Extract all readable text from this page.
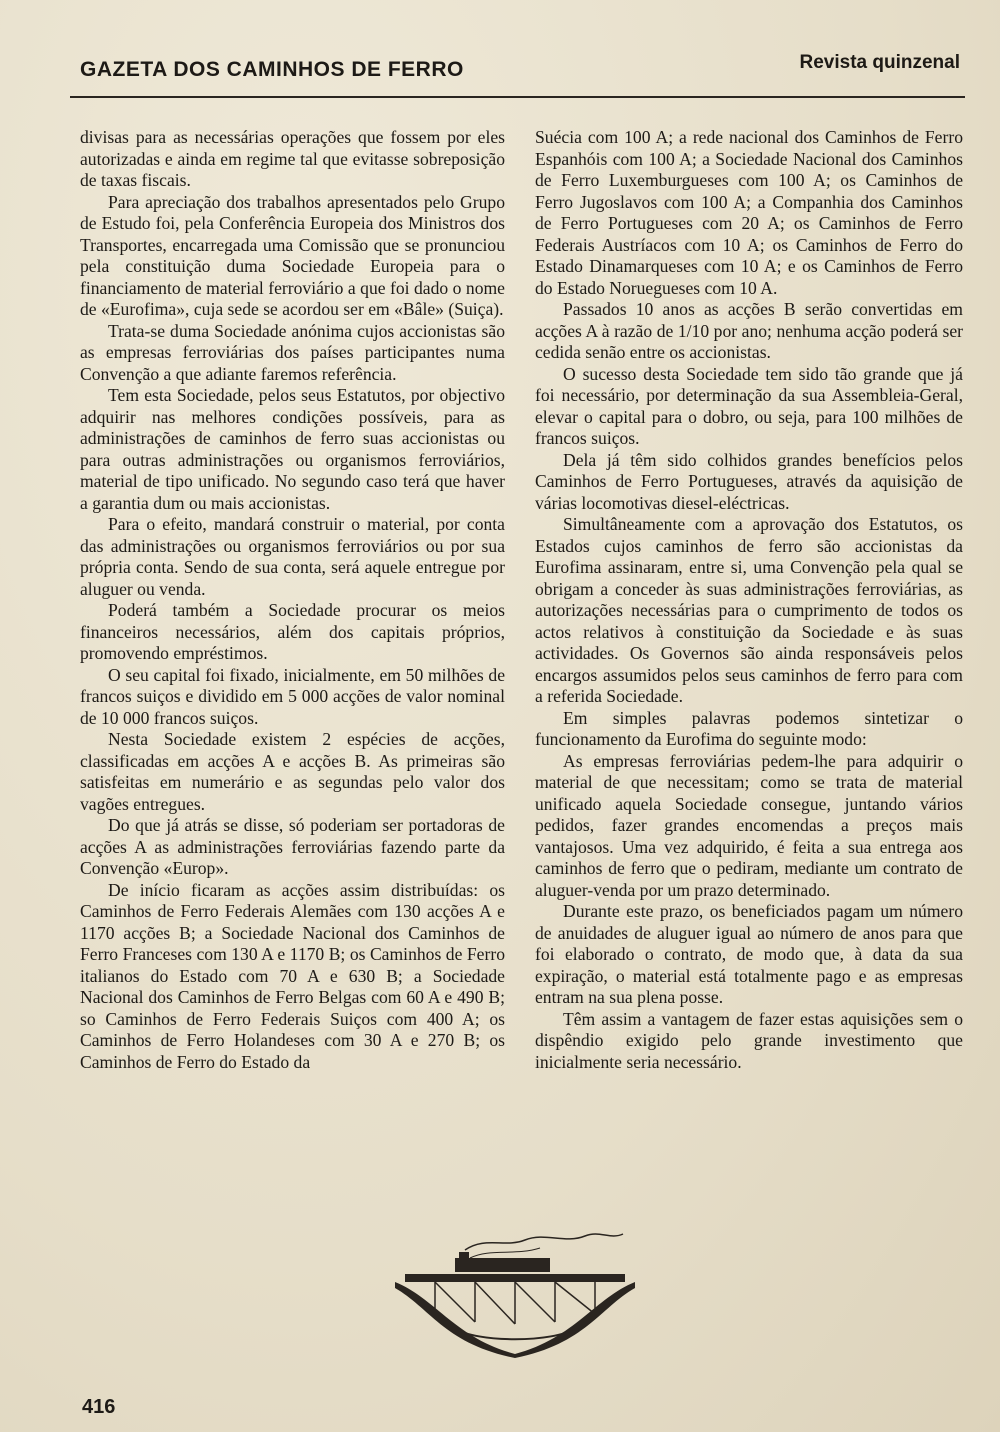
GAZETA DOS CAMINHOS DE FERRO	Revista quinzenal

divisas para as necessárias operações que fossem por eles autorizadas e ainda em regime tal que evitasse sobreposição de taxas fiscais.

Para apreciação dos trabalhos apresentados pelo Grupo de Estudo foi, pela Conferência Europeia dos Ministros dos Transportes, encarregada uma Comissão que se pronunciou pela constituição duma Sociedade Europeia para o financiamento de material ferroviário a que foi dado o nome de «Eurofima», cuja sede se acordou ser em «Bâle» (Suiça).

Trata-se duma Sociedade anónima cujos accionistas são as empresas ferroviárias dos países participantes numa Convenção a que adiante faremos referência.

Tem esta Sociedade, pelos seus Estatutos, por objectivo adquirir nas melhores condições possíveis, para as administrações de caminhos de ferro suas accionistas ou para outras administrações ou organismos ferroviários, material de tipo unificado. No segundo caso terá que haver a garantia dum ou mais accionistas.

Para o efeito, mandará construir o material, por conta das administrações ou organismos ferroviários ou por sua própria conta. Sendo de sua conta, será aquele entregue por aluguer ou venda.

Poderá também a Sociedade procurar os meios financeiros necessários, além dos capitais próprios, promovendo empréstimos.

O seu capital foi fixado, inicialmente, em 50 milhões de francos suiços e dividido em 5 000 acções de valor nominal de 10 000 francos suiços.

Nesta Sociedade existem 2 espécies de acções, classificadas em acções A e acções B. As primeiras são satisfeitas em numerário e as segundas pelo valor dos vagões entregues.

Do que já atrás se disse, só poderiam ser portadoras de acções A as administrações ferroviárias fazendo parte da Convenção «Europ».

De início ficaram as acções assim distribuídas: os Caminhos de Ferro Federais Alemães com 130 acções A e 1170 acções B; a Sociedade Nacional dos Caminhos de Ferro Franceses com 130 A e 1170 B; os Caminhos de Ferro italianos do Estado com 70 A e 630 B; a Sociedade Nacional dos Caminhos de Ferro Belgas com 60 A e 490 B; so Caminhos de Ferro Federais Suiços com 400 A; os Caminhos de Ferro Holandeses com 30 A e 270 B; os Caminhos de Ferro do Estado da

Suécia com 100 A; a rede nacional dos Caminhos de Ferro Espanhóis com 100 A; a Sociedade Nacional dos Caminhos de Ferro Luxemburgueses com 100 A; os Caminhos de Ferro Jugoslavos com 100 A; a Companhia dos Caminhos de Ferro Portugueses com 20 A; os Caminhos de Ferro Federais Austríacos com 10 A; os Caminhos de Ferro do Estado Dinamarqueses com 10 A; e os Caminhos de Ferro do Estado Noruegueses com 10 A.

Passados 10 anos as acções B serão convertidas em acções A à razão de 1/10 por ano; nenhuma acção poderá ser cedida senão entre os accionistas.

O sucesso desta Sociedade tem sido tão grande que já foi necessário, por determinação da sua Assembleia-Geral, elevar o capital para o dobro, ou seja, para 100 milhões de francos suiços.

Dela já têm sido colhidos grandes benefícios pelos Caminhos de Ferro Portugueses, através da aquisição de várias locomotivas diesel-eléctricas.

Simultâneamente com a aprovação dos Estatutos, os Estados cujos caminhos de ferro são accionistas da Eurofima assinaram, entre si, uma Convenção pela qual se obrigam a conceder às suas administrações ferroviárias, as autorizações necessárias para o cumprimento de todos os actos relativos à constituição da Sociedade e às suas actividades. Os Governos são ainda responsáveis pelos encargos assumidos pelos seus caminhos de ferro para com a referida Sociedade.

Em simples palavras podemos sintetizar o funcionamento da Eurofima do seguinte modo:

As empresas ferroviárias pedem-lhe para adquirir o material de que necessitam; como se trata de material unificado aquela Sociedade consegue, juntando vários pedidos, fazer grandes encomendas a preços mais vantajosos. Uma vez adquirido, é feita a sua entrega aos caminhos de ferro que o pediram, mediante um contrato de aluguer-venda por um prazo determinado.

Durante este prazo, os beneficiados pagam um número de anuidades de aluguer igual ao número de anos para que foi elaborado o contrato, de modo que, à data da sua expiração, o material está totalmente pago e as empresas entram na sua plena posse.

Têm assim a vantagem de fazer estas aquisições sem o dispêndio exigido pelo grande investimento que inicialmente seria necessário.

416
